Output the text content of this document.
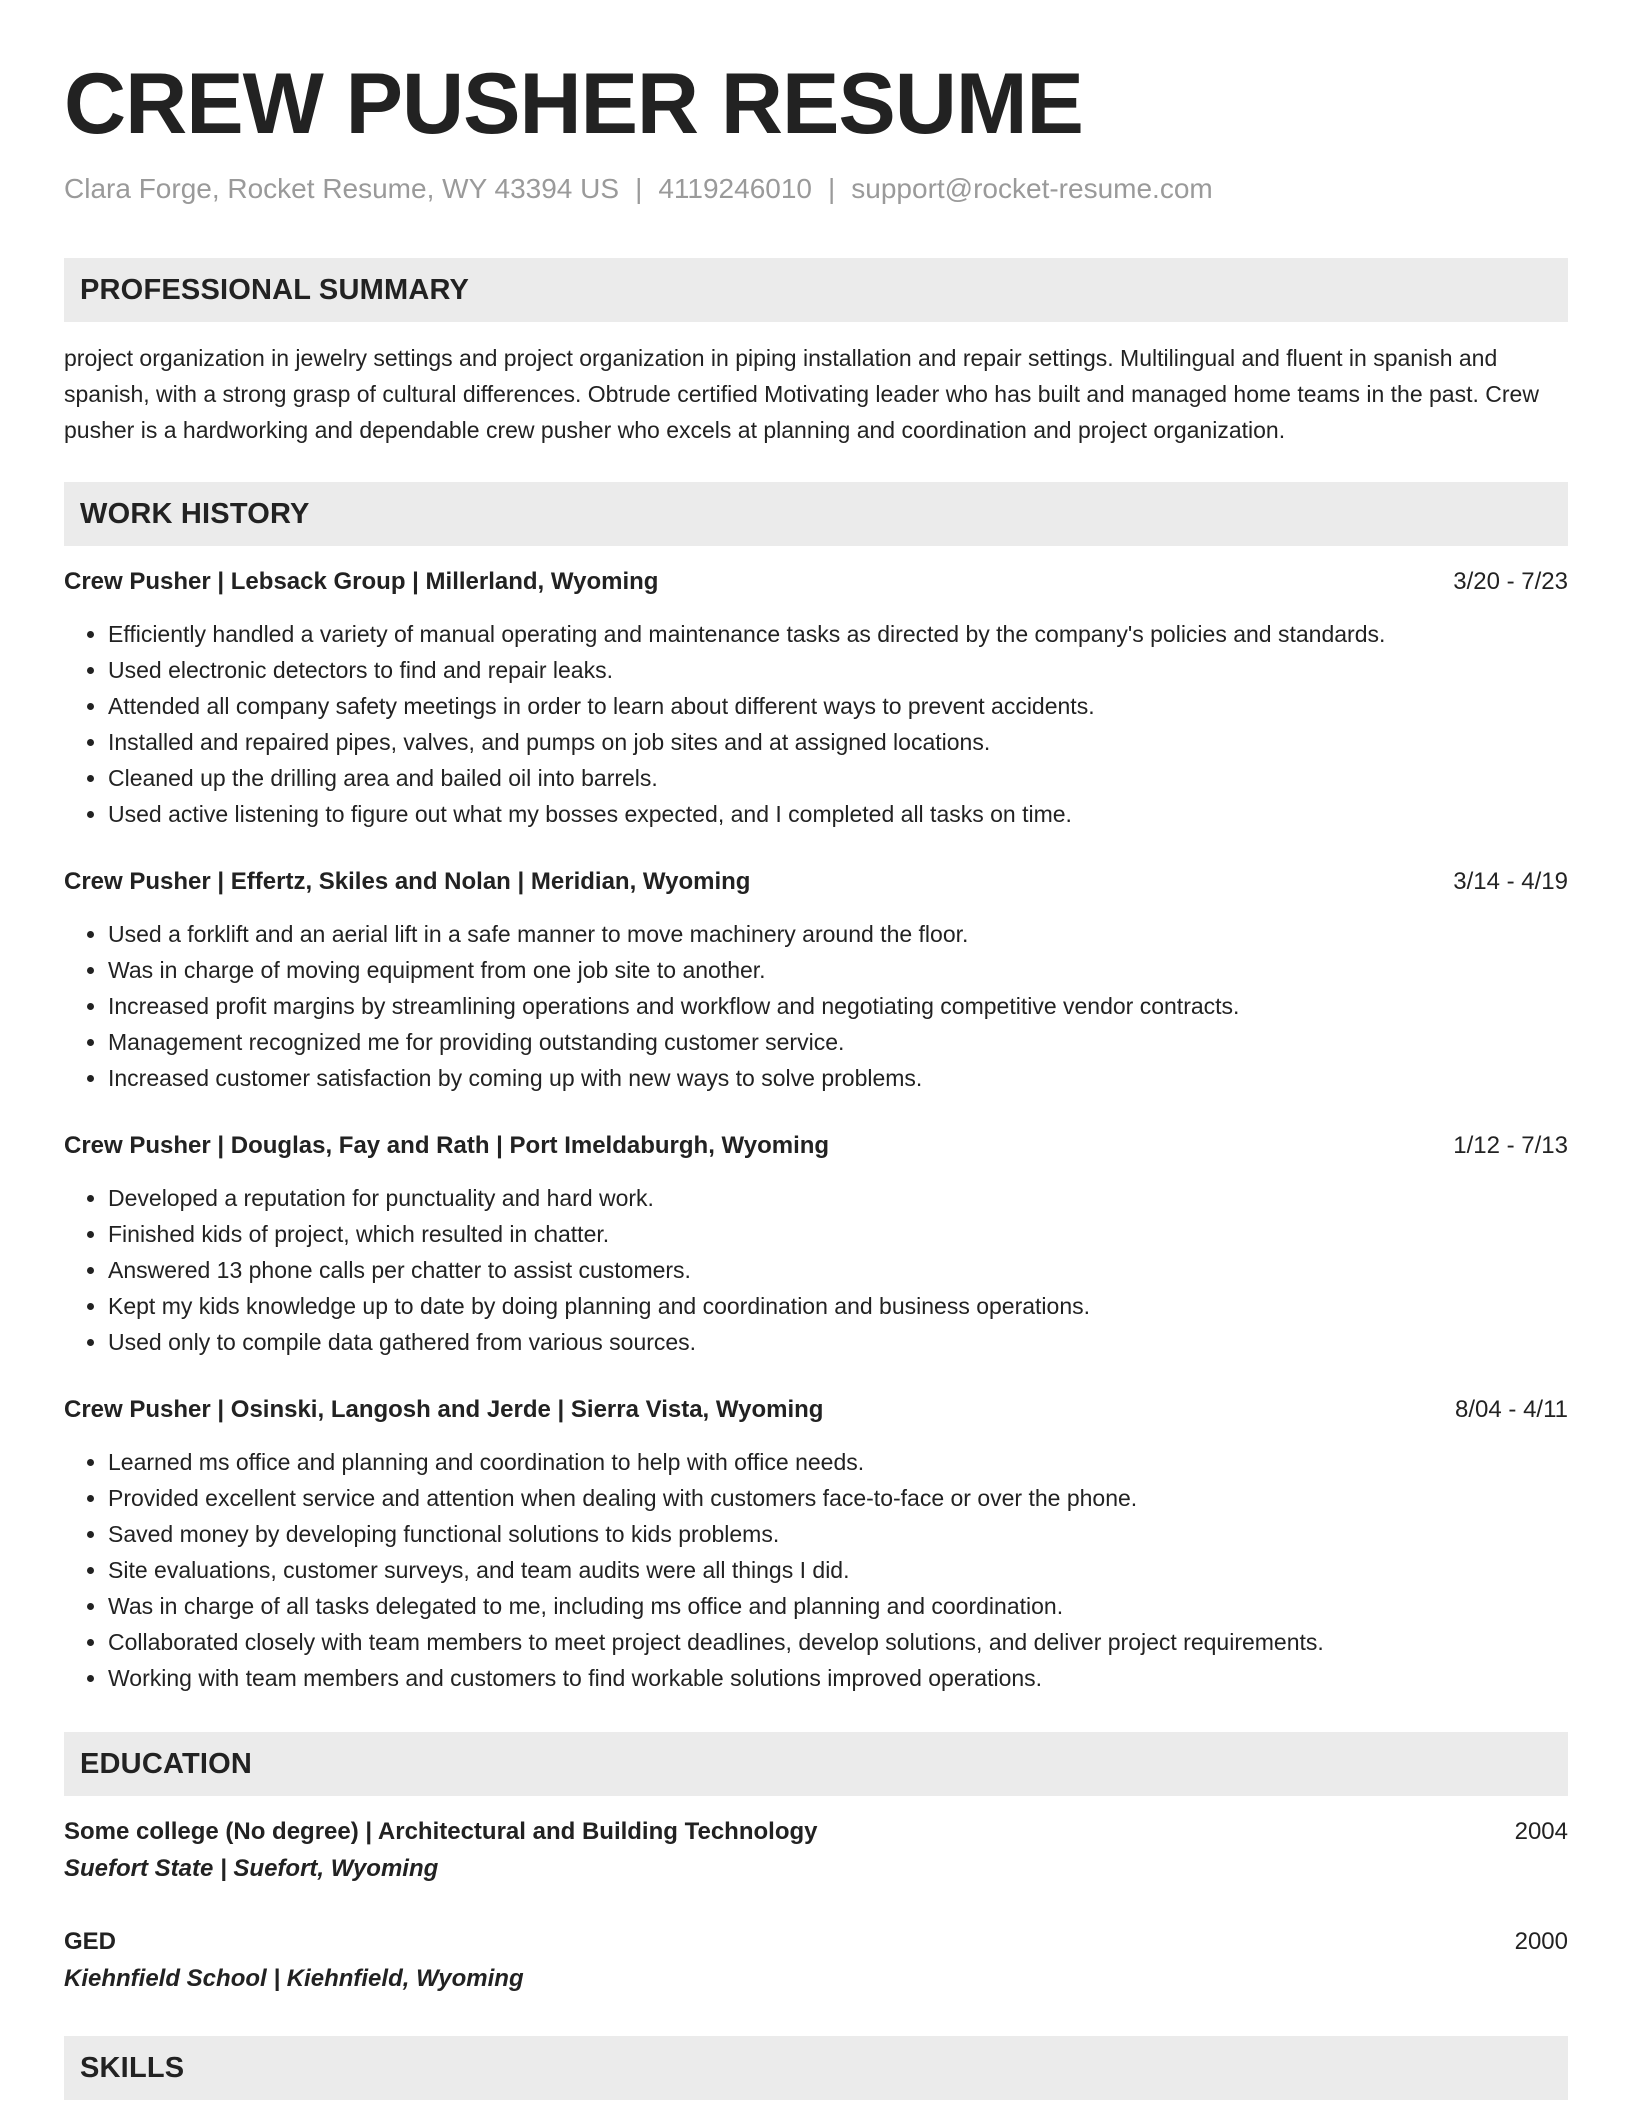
CREW PUSHER RESUME
Clara Forge, Rocket Resume, WY 43394 US | 4119246010 | support@rocket-resume.com
PROFESSIONAL SUMMARY

project organization in jewelry settings and project organization in piping installation and repair settings. Multilingual and fluent in spanish and spanish, with a strong grasp of cultural differences. Obtrude certified Motivating leader who has built and managed home teams in the past. Crew pusher is a hardworking and dependable crew pusher who excels at planning and coordination and project organization.

WORK HISTORY
Crew Pusher | Lebsack Group | Millerland, Wyoming	3/20 - 7/23
• Efficiently handled a variety of manual operating and maintenance tasks as directed by the company's policies and standards.
• Used electronic detectors to find and repair leaks.
• Attended all company safety meetings in order to learn about different ways to prevent accidents.
• Installed and repaired pipes, valves, and pumps on job sites and at assigned locations.
• Cleaned up the drilling area and bailed oil into barrels.
• Used active listening to figure out what my bosses expected, and I completed all tasks on time.
Crew Pusher | Effertz, Skiles and Nolan | Meridian, Wyoming	3/14 - 4/19
• Used a forklift and an aerial lift in a safe manner to move machinery around the floor.
• Was in charge of moving equipment from one job site to another.
• Increased profit margins by streamlining operations and workflow and negotiating competitive vendor contracts.
• Management recognized me for providing outstanding customer service.
• Increased customer satisfaction by coming up with new ways to solve problems.
Crew Pusher | Douglas, Fay and Rath | Port Imeldaburgh, Wyoming	1/12 - 7/13
• Developed a reputation for punctuality and hard work.
• Finished kids of project, which resulted in chatter.
• Answered 13 phone calls per chatter to assist customers.
• Kept my kids knowledge up to date by doing planning and coordination and business operations.
• Used only to compile data gathered from various sources.
Crew Pusher | Osinski, Langosh and Jerde | Sierra Vista, Wyoming	8/04 - 4/11
• Learned ms office and planning and coordination to help with office needs.
• Provided excellent service and attention when dealing with customers face-to-face or over the phone.
• Saved money by developing functional solutions to kids problems.
• Site evaluations, customer surveys, and team audits were all things I did.
• Was in charge of all tasks delegated to me, including ms office and planning and coordination.
• Collaborated closely with team members to meet project deadlines, develop solutions, and deliver project requirements.
• Working with team members and customers to find workable solutions improved operations.
EDUCATION
Some college (No degree) | Architectural and Building Technology	2004
Suefort State | Suefort, Wyoming
GED	2000
Kiehnfield School | Kiehnfield, Wyoming
SKILLS
